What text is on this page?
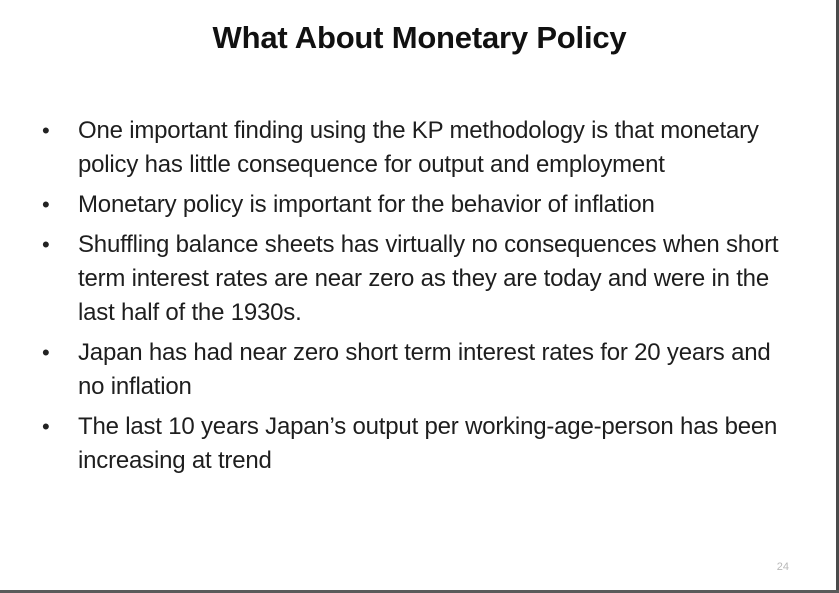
What About Monetary Policy
•	One important finding using the KP methodology is that monetary policy has little consequence for output and employment
•	Monetary policy is important for the behavior of inflation
•	Shuffling balance sheets has virtually no consequences when short term interest rates are near zero as they are today and were in the last half of the 1930s.
•	Japan has had near zero short term interest rates for 20 years and no inflation
•	The last 10 years Japan’s output per working-age-person has been increasing at trend
24
